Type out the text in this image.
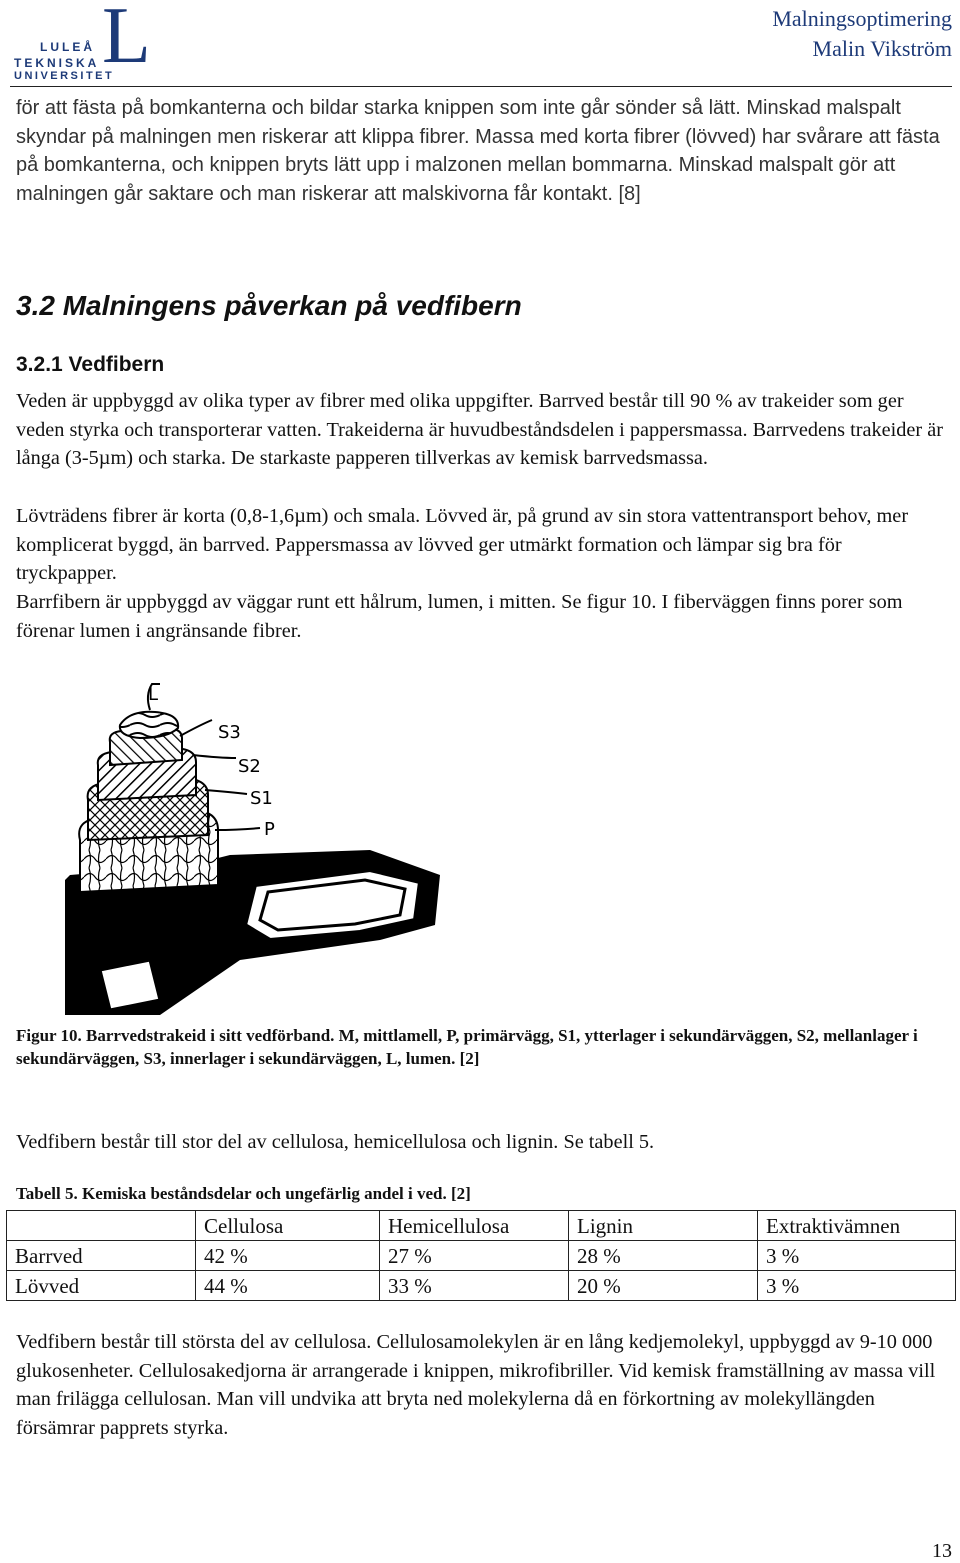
LULEÅ
TEKNISKA
UNIVERSITET
L	Malningsoptimering
Malin Vikström

för att fästa på bomkanterna och bildar starka knippen som inte går sönder så lätt. Minskad malspalt skyndar på malningen men riskerar att klippa fibrer. Massa med korta fibrer (lövved) har svårare att fästa på bomkanterna, och knippen bryts lätt upp i malzonen mellan bommarna. Minskad malspalt gör att malningen går saktare och man riskerar att malskivorna får kontakt. [8]

3.2 Malningens påverkan på vedfibern
3.2.1 Vedfibern

Veden är uppbyggd av olika typer av fibrer med olika uppgifter. Barrved består till 90 % av trakeider som ger veden styrka och transporterar vatten. Trakeiderna är huvudbeståndsdelen i pappersmassa. Barrvedens trakeider är långa (3-5µm) och starka. De starkaste papperen tillverkas av kemisk barrvedsmassa.

Lövträdens fibrer är korta (0,8-1,6µm) och smala. Lövved är, på grund av sin stora vattentransport behov, mer komplicerat byggd, än barrved. Pappersmassa av lövved ger utmärkt formation och lämpar sig bra för tryckpapper.

Barrfibern är uppbyggd av väggar runt ett hålrum, lumen, i mitten. Se figur 10. I fiberväggen finns porer som förenar lumen i angränsande fibrer.

L
S3
S2
S1
P
M

Figur 10. Barrvedstrakeid i sitt vedförband. M, mittlamell, P, primärvägg, S1, ytterlager i sekundärväggen, S2, mellanlager i sekundärväggen, S3, innerlager i sekundärväggen, L, lumen. [2]

Vedfibern består till stor del av cellulosa, hemicellulosa och lignin. Se tabell 5.

Tabell 5. Kemiska beståndsdelar och ungefärlig andel i ved. [2]

	Cellulosa	Hemicellulosa	Lignin	Extraktivämnen
Barrved	42 %	27 %	28 %	3 %
Lövved	44 %	33 %	20 %	3 %

Vedfibern består till största del av cellulosa. Cellulosamolekylen är en lång kedjemolekyl, uppbyggd av 9-10 000 glukosenheter. Cellulosakedjorna är arrangerade i knippen, mikrofibriller. Vid kemisk framställning av massa vill man frilägga cellulosan. Man vill undvika att bryta ned molekylerna då en förkortning av molekyllängden försämrar papprets styrka.

13
